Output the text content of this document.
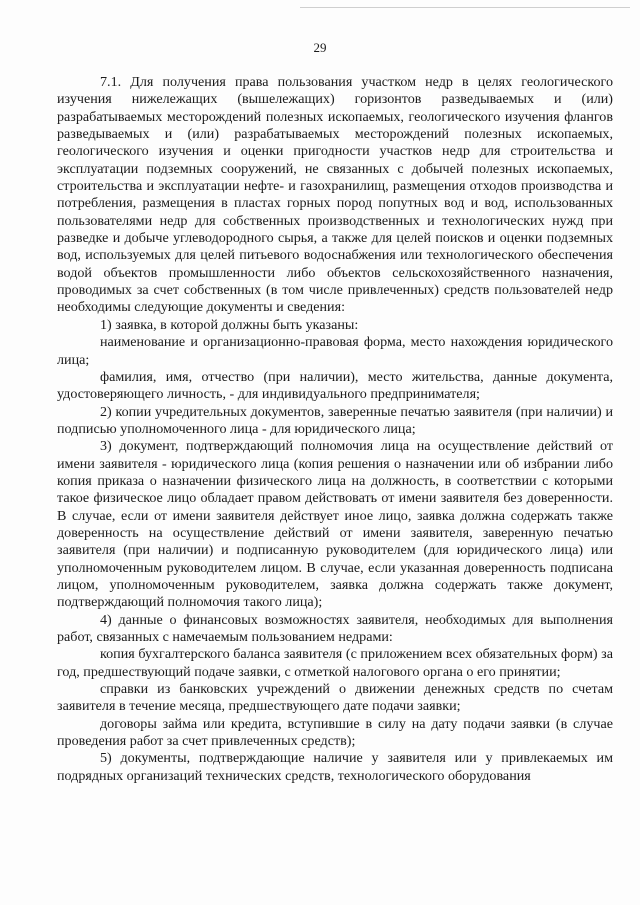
29

7.1. Для получения права пользования участком недр в целях геологического изучения нижележащих (вышележащих) горизонтов разведываемых и (или) разрабатываемых месторождений полезных ископаемых, геологического изучения флангов разведываемых и (или) разрабатываемых месторождений полезных ископаемых, геологического изучения и оценки пригодности участков недр для строительства и эксплуатации подземных сооружений, не связанных с добычей полезных ископаемых, строительства и эксплуатации нефте- и газохранилищ, размещения отходов производства и потребления, размещения в пластах горных пород попутных вод и вод, использованных пользователями недр для собственных производственных и технологических нужд при разведке и добыче углеводородного сырья, а также для целей поисков и оценки подземных вод, используемых для целей питьевого водоснабжения или технологического обеспечения водой объектов промышленности либо объектов сельскохозяйственного назначения, проводимых за счет собственных (в том числе привлеченных) средств пользователей недр необходимы следующие документы и сведения:

1) заявка, в которой должны быть указаны:

наименование и организационно-правовая форма, место нахождения юридического лица;

фамилия, имя, отчество (при наличии), место жительства, данные документа, удостоверяющего личность, - для индивидуального предпринимателя;

2) копии учредительных документов, заверенные печатью заявителя (при наличии) и подписью уполномоченного лица - для юридического лица;

3) документ, подтверждающий полномочия лица на осуществление действий от имени заявителя - юридического лица (копия решения о назначении или об избрании либо копия приказа о назначении физического лица на должность, в соответствии с которыми такое физическое лицо обладает правом действовать от имени заявителя без доверенности. В случае, если от имени заявителя действует иное лицо, заявка должна содержать также доверенность на осуществление действий от имени заявителя, заверенную печатью заявителя (при наличии) и подписанную руководителем (для юридического лица) или уполномоченным руководителем лицом. В случае, если указанная доверенность подписана лицом, уполномоченным руководителем, заявка должна содержать также документ, подтверждающий полномочия такого лица);

4) данные о финансовых возможностях заявителя, необходимых для выполнения работ, связанных с намечаемым пользованием недрами:

копия бухгалтерского баланса заявителя (с приложением всех обязательных форм) за год, предшествующий подаче заявки, с отметкой налогового органа о его принятии;

справки из банковских учреждений о движении денежных средств по счетам заявителя в течение месяца, предшествующего дате подачи заявки;

договоры займа или кредита, вступившие в силу на дату подачи заявки (в случае проведения работ за счет привлеченных средств);

5) документы, подтверждающие наличие у заявителя или у привлекаемых им подрядных организаций технических средств, технологического оборудования
